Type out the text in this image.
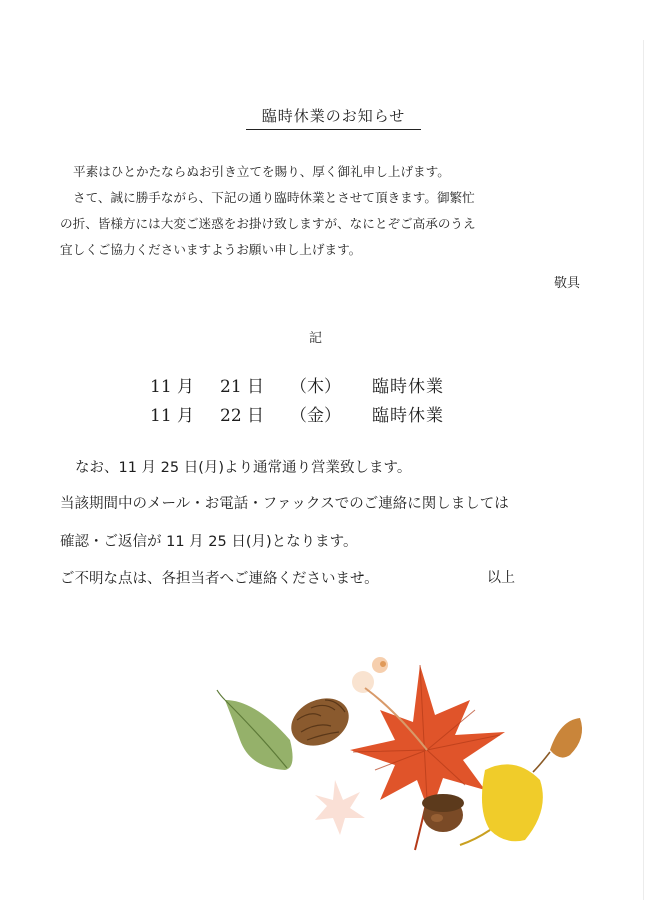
臨時休業のお知らせ

平素はひとかたならぬお引き立てを賜り、厚く御礼申し上げます。

さて、誠に勝手ながら、下記の通り臨時休業とさせて頂きます。御繁忙

の折、皆様方には大変ご迷惑をお掛け致しますが、なにとぞご高承のうえ

宜しくご協力くださいますようお願い申し上げます。

敬具
記
11 月	21 日	（木）	臨時休業
11 月	22 日	（金）	臨時休業

なお、11 月 25 日(月)より通常通り営業致します。

当該期間中のメール・お電話・ファックスでのご連絡に関しましては

確認・ご返信が 11 月 25 日(月)となります。

ご不明な点は、各担当者へご連絡くださいませ。	以上
